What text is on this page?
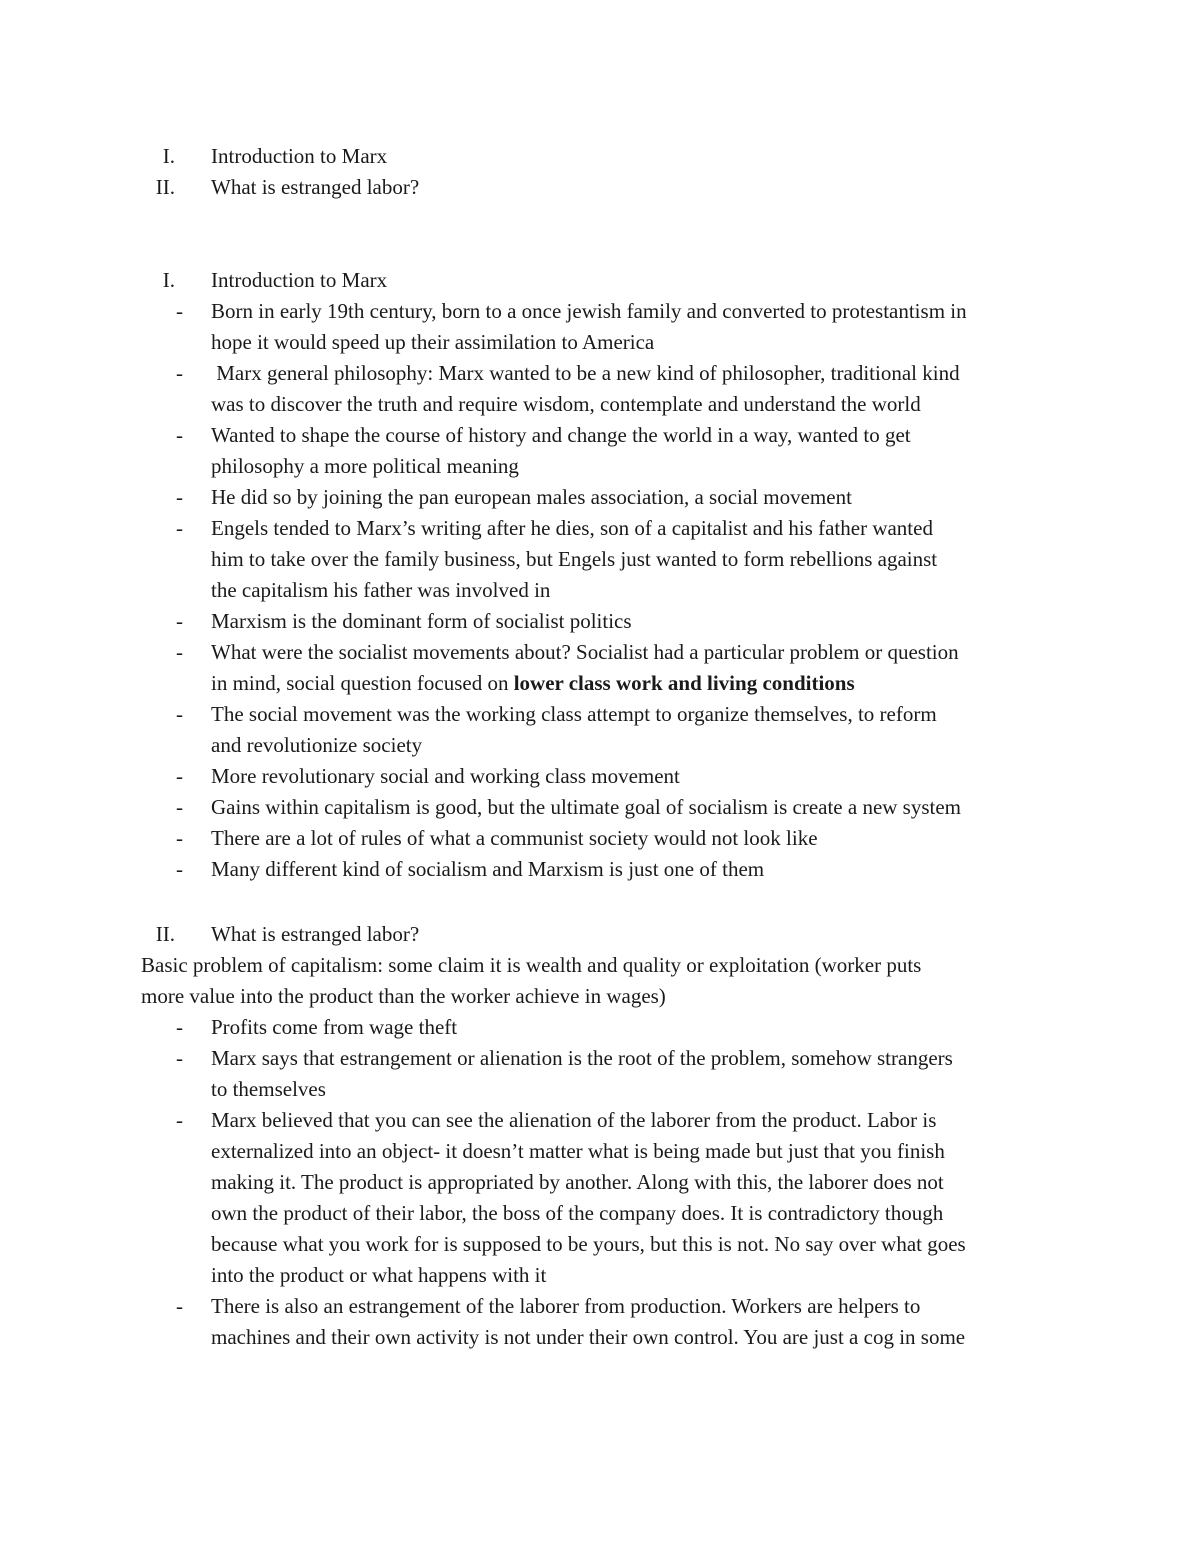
I. Introduction to Marx
II. What is estranged labor?
I. Introduction to Marx
- Born in early 19th century, born to a once jewish family and converted to protestantism in
hope it would speed up their assimilation to America
- Marx general philosophy: Marx wanted to be a new kind of philosopher, traditional kind
was to discover the truth and require wisdom, contemplate and understand the world
- Wanted to shape the course of history and change the world in a way, wanted to get
philosophy a more political meaning
- He did so by joining the pan european males association, a social movement
- Engels tended to Marx’s writing after he dies, son of a capitalist and his father wanted
him to take over the family business, but Engels just wanted to form rebellions against
the capitalism his father was involved in
- Marxism is the dominant form of socialist politics
- What were the socialist movements about? Socialist had a particular problem or question
in mind, social question focused on lower class work and living conditions
- The social movement was the working class attempt to organize themselves, to reform
and revolutionize society
- More revolutionary social and working class movement
- Gains within capitalism is good, but the ultimate goal of socialism is create a new system
- There are a lot of rules of what a communist society would not look like
- Many different kind of socialism and Marxism is just one of them
II. What is estranged labor?
Basic problem of capitalism: some claim it is wealth and quality or exploitation (worker puts
more value into the product than the worker achieve in wages)
- Profits come from wage theft
- Marx says that estrangement or alienation is the root of the problem, somehow strangers
to themselves
- Marx believed that you can see the alienation of the laborer from the product. Labor is
externalized into an object- it doesn’t matter what is being made but just that you finish
making it. The product is appropriated by another. Along with this, the laborer does not
own the product of their labor, the boss of the company does. It is contradictory though
because what you work for is supposed to be yours, but this is not. No say over what goes
into the product or what happens with it
- There is also an estrangement of the laborer from production. Workers are helpers to
machines and their own activity is not under their own control. You are just a cog in some
